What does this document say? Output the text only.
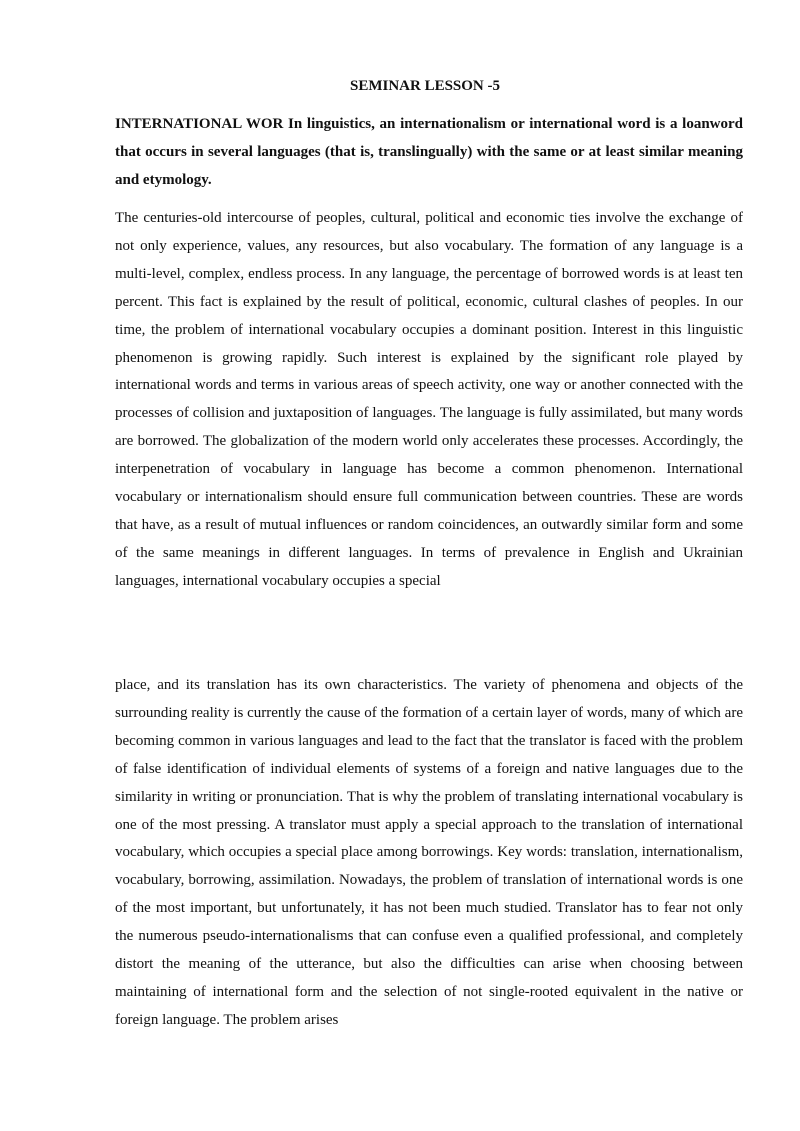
SEMINAR LESSON -5

INTERNATIONAL WOR In linguistics, an internationalism or international word is a loanword that occurs in several languages (that is, translingually) with the same or at least similar meaning and etymology.

The centuries-old intercourse of peoples, cultural, political and economic ties involve the exchange of not only experience, values, any resources, but also vocabulary. The formation of any language is a multi-level, complex, endless process. In any language, the percentage of borrowed words is at least ten percent. This fact is explained by the result of political, economic, cultural clashes of peoples. In our time, the problem of international vocabulary occupies a dominant position. Interest in this linguistic phenomenon is growing rapidly. Such interest is explained by the significant role played by international words and terms in various areas of speech activity, one way or another connected with the processes of collision and juxtaposition of languages. The language is fully assimilated, but many words are borrowed. The globalization of the modern world only accelerates these processes. Accordingly, the interpenetration of vocabulary in language has become a common phenomenon. International vocabulary or internationalism should ensure full communication between countries. These are words that have, as a result of mutual influences or random coincidences, an outwardly similar form and some of the same meanings in different languages. In terms of prevalence in English and Ukrainian languages, international vocabulary occupies a special

place, and its translation has its own characteristics. The variety of phenomena and objects of the surrounding reality is currently the cause of the formation of a certain layer of words, many of which are becoming common in various languages and lead to the fact that the translator is faced with the problem of false identification of individual elements of systems of a foreign and native languages due to the similarity in writing or pronunciation. That is why the problem of translating international vocabulary is one of the most pressing. A translator must apply a special approach to the translation of international vocabulary, which occupies a special place among borrowings. Key words: translation, internationalism, vocabulary, borrowing, assimilation. Nowadays, the problem of translation of international words is one of the most important, but unfortunately, it has not been much studied. Translator has to fear not only the numerous pseudo-internationalisms that can confuse even a qualified professional, and completely distort the meaning of the utterance, but also the difficulties can arise when choosing between maintaining of international form and the selection of not single-rooted equivalent in the native or foreign language. The problem arises
